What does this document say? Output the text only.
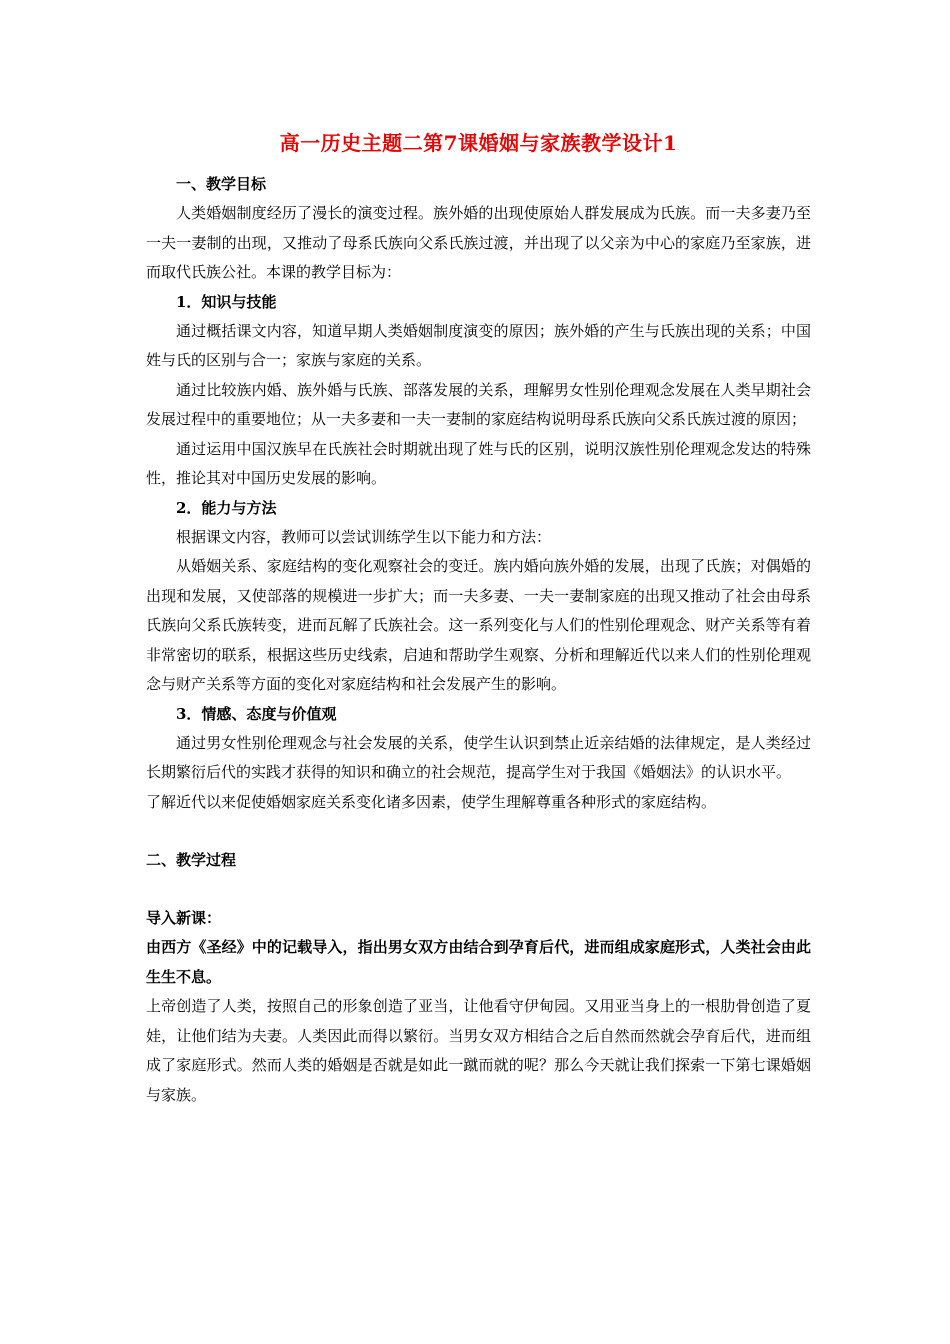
高一历史主题二第7课婚姻与家族教学设计1
一、教学目标

人类婚姻制度经历了漫长的演变过程。族外婚的出现使原始人群发展成为氏族。而一夫多妻乃至一夫一妻制的出现，又推动了母系氏族向父系氏族过渡，并出现了以父亲为中心的家庭乃至家族，进而取代氏族公社。本课的教学目标为：

1．知识与技能

通过概括课文内容，知道早期人类婚姻制度演变的原因；族外婚的产生与氏族出现的关系；中国姓与氏的区别与合一；家族与家庭的关系。

通过比较族内婚、族外婚与氏族、部落发展的关系，理解男女性别伦理观念发展在人类早期社会发展过程中的重要地位；从一夫多妻和一夫一妻制的家庭结构说明母系氏族向父系氏族过渡的原因；

通过运用中国汉族早在氏族社会时期就出现了姓与氏的区别，说明汉族性别伦理观念发达的特殊性，推论其对中国历史发展的影响。

2．能力与方法

根据课文内容，教师可以尝试训练学生以下能力和方法：

从婚姻关系、家庭结构的变化观察社会的变迁。族内婚向族外婚的发展，出现了氏族；对偶婚的出现和发展，又使部落的规模进一步扩大；而一夫多妻、一夫一妻制家庭的出现又推动了社会由母系氏族向父系氏族转变，进而瓦解了氏族社会。这一系列变化与人们的性别伦理观念、财产关系等有着非常密切的联系，根据这些历史线索，启迪和帮助学生观察、分析和理解近代以来人们的性别伦理观念与财产关系等方面的变化对家庭结构和社会发展产生的影响。

3．情感、态度与价值观

通过男女性别伦理观念与社会发展的关系，使学生认识到禁止近亲结婚的法律规定，是人类经过长期繁衍后代的实践才获得的知识和确立的社会规范，提高学生对于我国《婚姻法》的认识水平。

了解近代以来促使婚姻家庭关系变化诸多因素，使学生理解尊重各种形式的家庭结构。

二、教学过程
导入新课：

由西方《圣经》中的记载导入，指出男女双方由结合到孕育后代，进而组成家庭形式，人类社会由此生生不息。

上帝创造了人类，按照自己的形象创造了亚当，让他看守伊甸园。又用亚当身上的一根肋骨创造了夏娃，让他们结为夫妻。人类因此而得以繁衍。当男女双方相结合之后自然而然就会孕育后代，进而组成了家庭形式。然而人类的婚姻是否就是如此一蹴而就的呢？那么今天就让我们探索一下第七课婚姻与家族。
